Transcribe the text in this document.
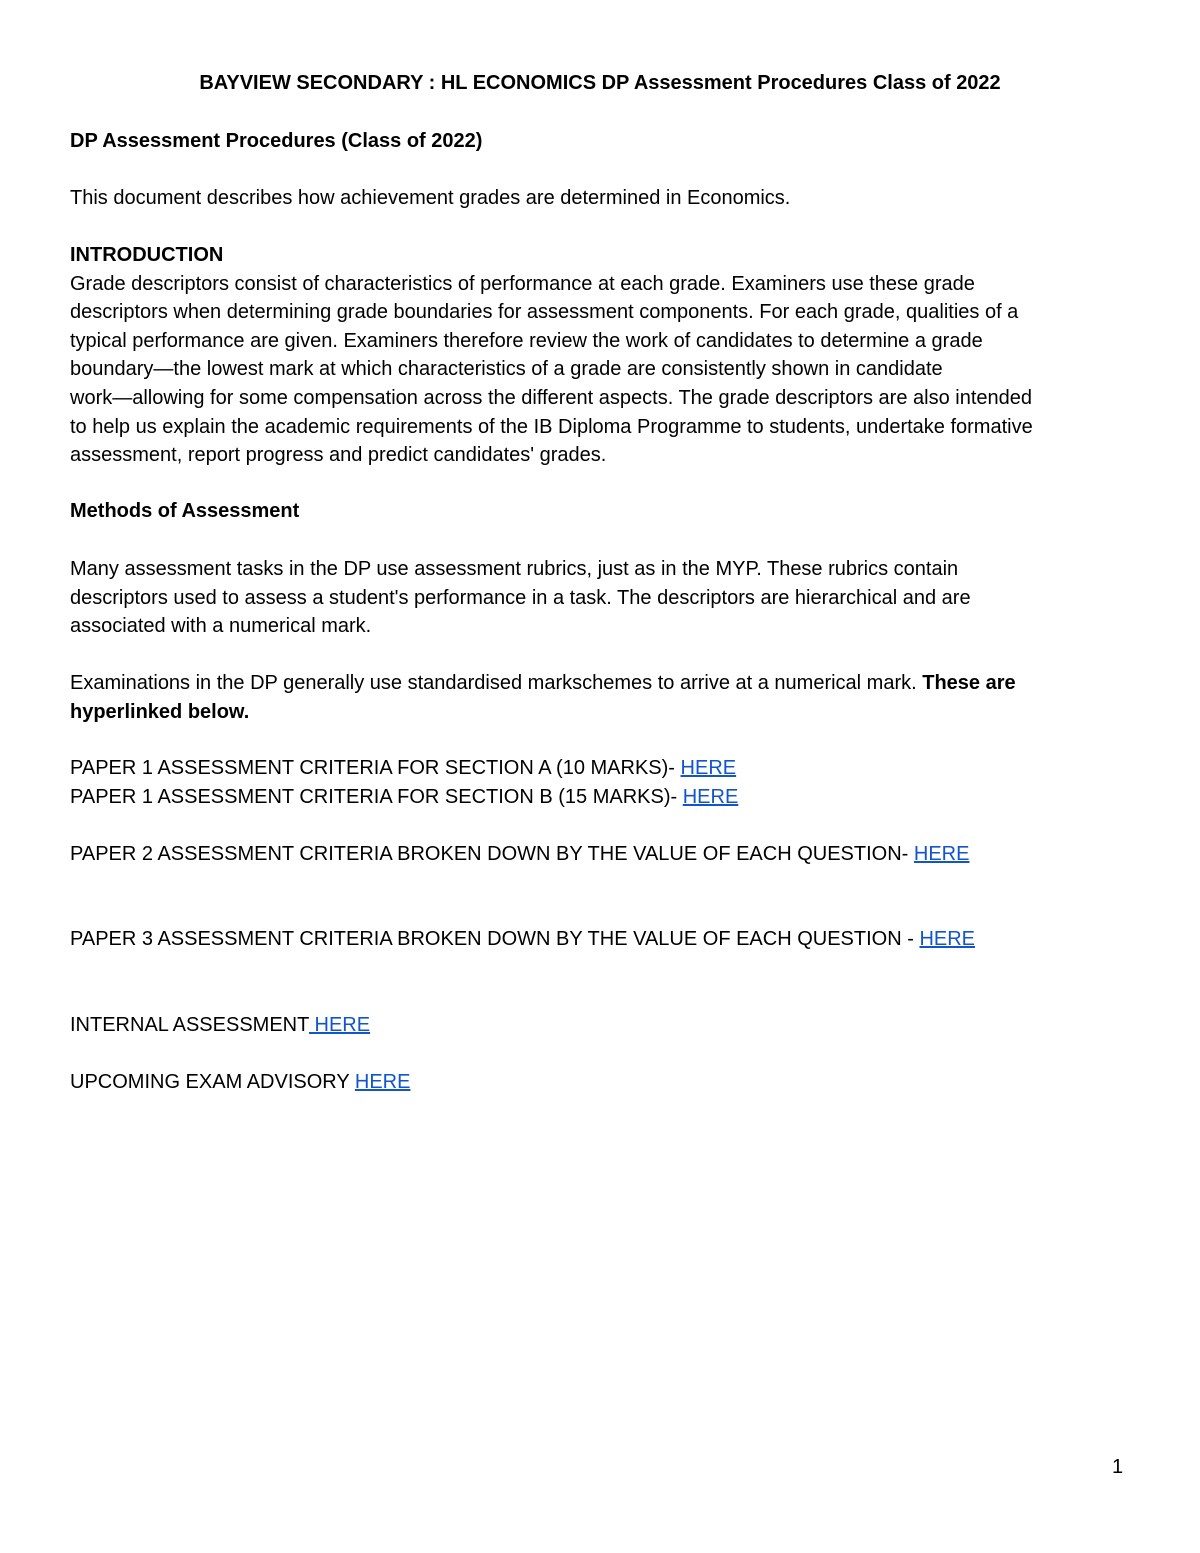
BAYVIEW SECONDARY : HL ECONOMICS DP Assessment Procedures Class of 2022

DP Assessment Procedures (Class of 2022)

This document describes how achievement grades are determined in Economics.

INTRODUCTION
Grade descriptors consist of characteristics of performance at each grade. Examiners use these grade
descriptors when determining grade boundaries for assessment components. For each grade, qualities of a
typical performance are given. Examiners therefore review the work of candidates to determine a grade
boundary—the lowest mark at which characteristics of a grade are consistently shown in candidate
work—allowing for some compensation across the different aspects. The grade descriptors are also intended
to help us explain the academic requirements of the IB Diploma Programme to students, undertake formative
assessment, report progress and predict candidates' grades.

Methods of Assessment

Many assessment tasks in the DP use assessment rubrics, just as in the MYP. These rubrics contain
descriptors used to assess a student's performance in a task. The descriptors are hierarchical and are
associated with a numerical mark.
Examinations in the DP generally use standardised markschemes to arrive at a numerical mark. These are
hyperlinked below.
PAPER 1 ASSESSMENT CRITERIA FOR SECTION A (10 MARKS)- HERE
PAPER 1 ASSESSMENT CRITERIA FOR SECTION B (15 MARKS)- HERE

PAPER 2 ASSESSMENT CRITERIA BROKEN DOWN BY THE VALUE OF EACH QUESTION- HERE

PAPER 3 ASSESSMENT CRITERIA BROKEN DOWN BY THE VALUE OF EACH QUESTION - HERE

INTERNAL ASSESSMENT HERE

UPCOMING EXAM ADVISORY HERE

1
